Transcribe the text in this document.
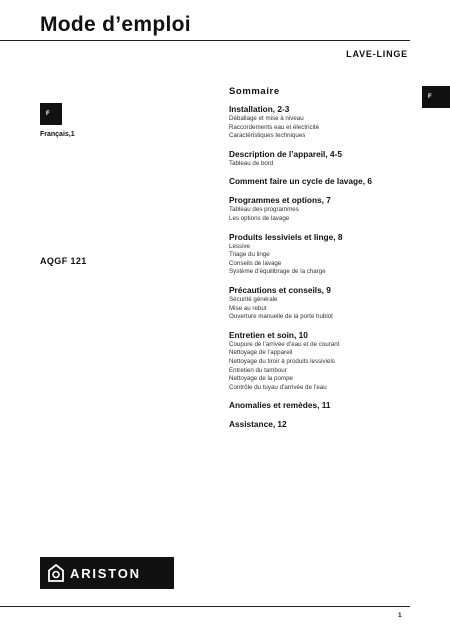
Mode d’emploi
LAVE-LINGE
F
F
Français,1
AQGF 121
Sommaire
Installation, 2-3
Déballage et mise à niveau
Raccordements eau et électricité
Caractéristiques techniques
Description de l’appareil, 4-5
Tableau de bord
Comment faire un cycle de lavage, 6
Programmes et options, 7
Tableau des programmes
Les options de lavage
Produits lessiviels et linge, 8
Lessive
Triage du linge
Conseils de lavage
Système d’équilibrage de la charge
Précautions et conseils, 9
Sécurité générale
Mise au rebut
Ouverture manuelle de la porte hublot
Entretien et soin, 10
Coupure de l’arrivée d’eau et de courant
Nettoyage de l’appareil
Nettoyage du tiroir à produits lessiviels
Entretien du tambour
Nettoyage de la pompe
Contrôle du tuyau d’arrivée de l’eau
Anomalies et remèdes, 11
Assistance, 12
ARISTON
1
